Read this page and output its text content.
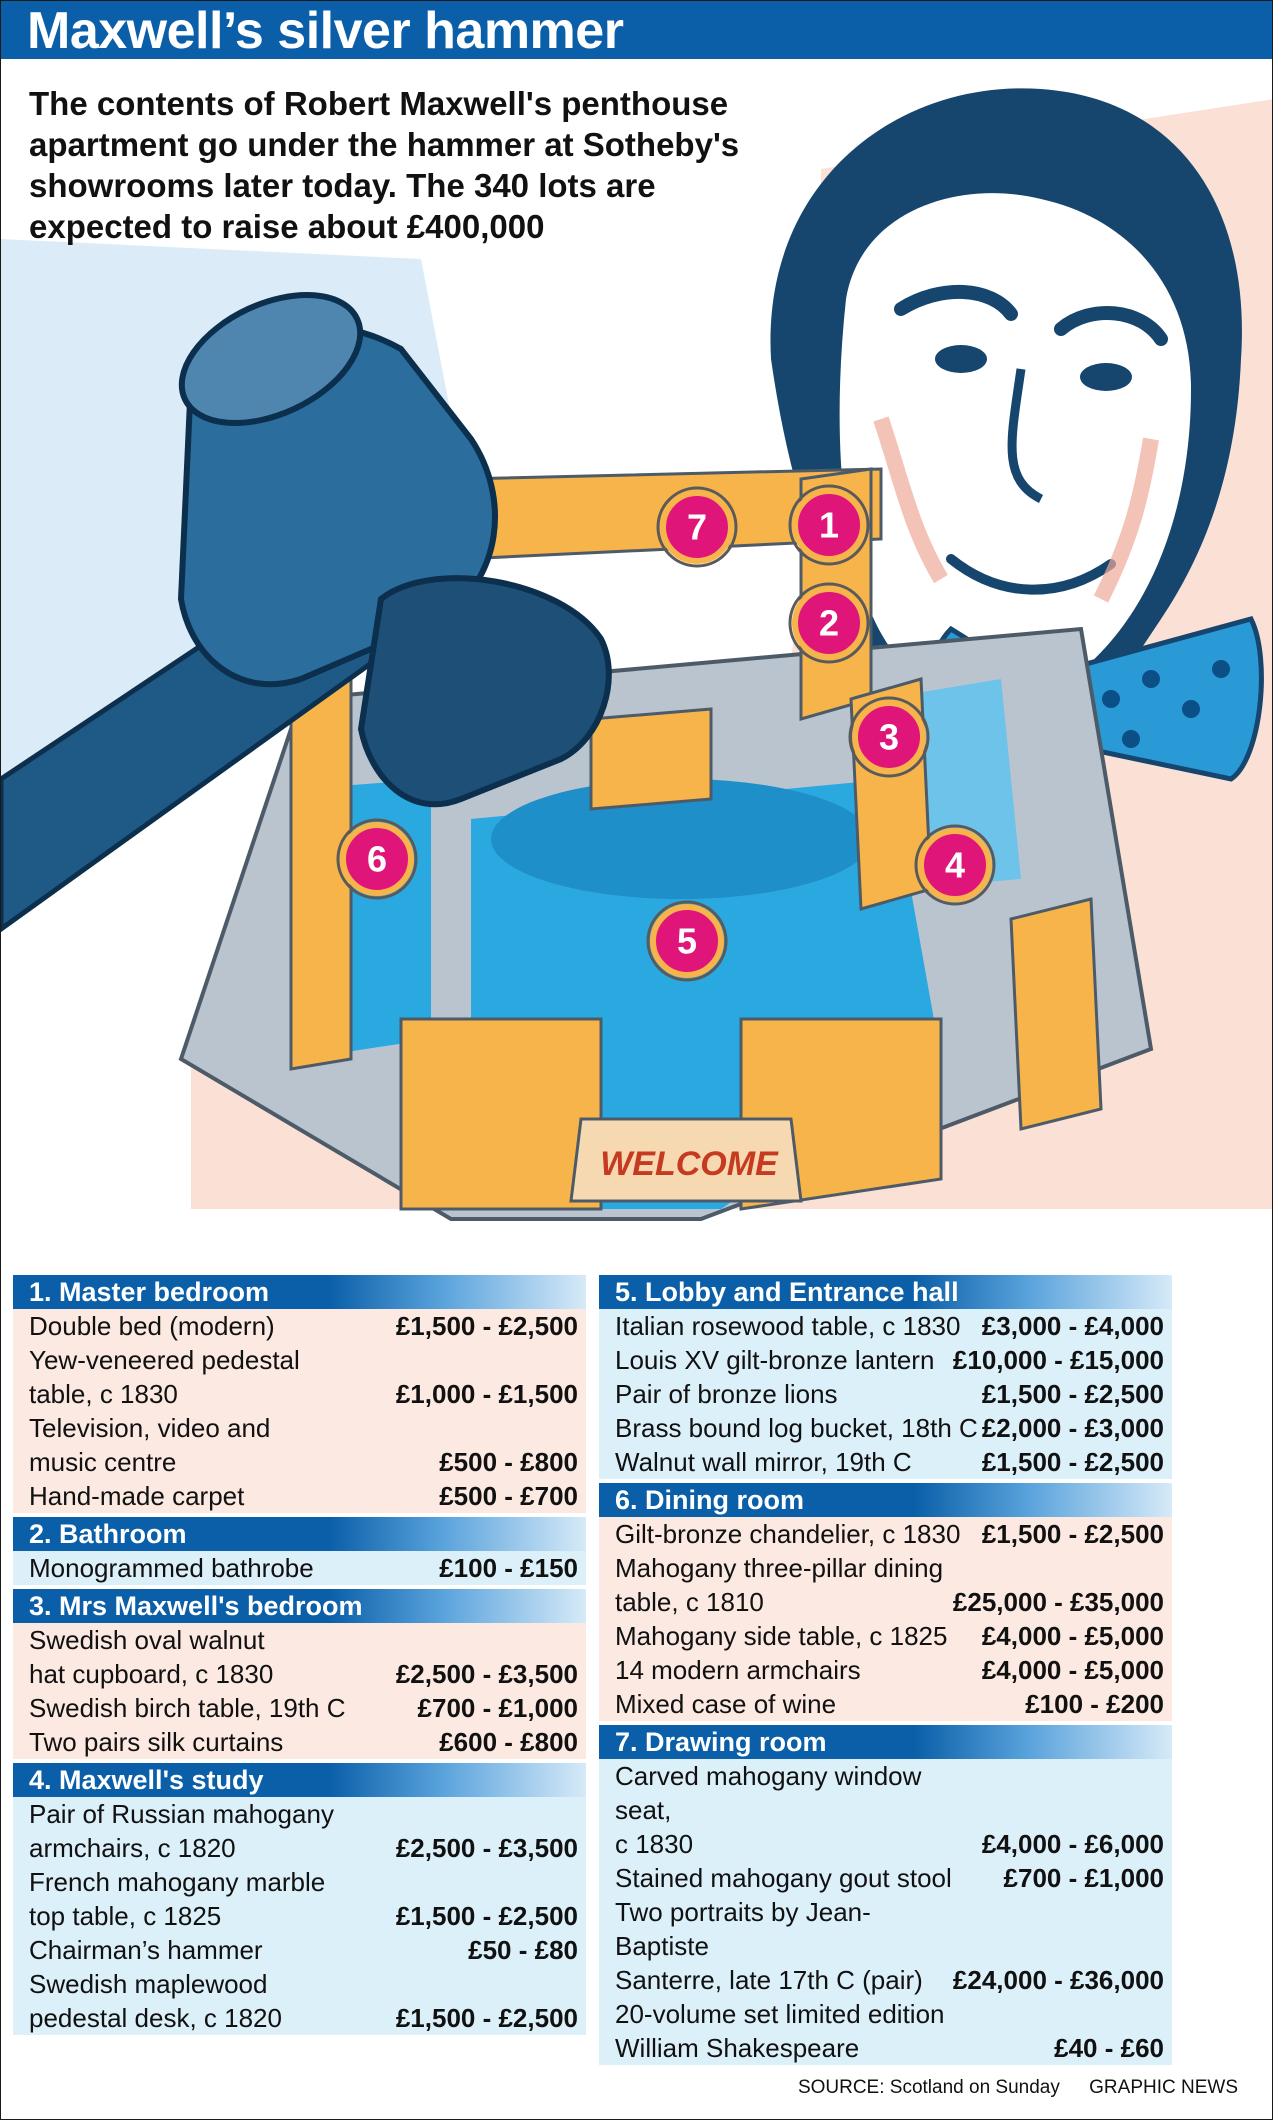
Maxwell’s silver hammer
WELCOME
1
2
3
4
5
6
7
The contents of Robert Maxwell's penthouse apartment go under the hammer at Sotheby's showrooms later today. The 340 lots are expected to raise about £400,000
1. Master bedroom
Double bed (modern)	£1,500 - £2,500
Yew-veneered pedestal
table, c 1830	£1,000 - £1,500
Television, video and
music centre	£500 - £800
Hand-made carpet	£500 - £700
2. Bathroom
Monogrammed bathrobe	£100 - £150
3. Mrs Maxwell's bedroom
Swedish oval walnut
hat cupboard, c 1830	£2,500 - £3,500
Swedish birch table, 19th C	£700 - £1,000
Two pairs silk curtains	£600 - £800
4. Maxwell's study
Pair of Russian mahogany
armchairs, c 1820	£2,500 - £3,500
French mahogany marble
top table, c 1825	£1,500 - £2,500
Chairman’s hammer	£50 - £80
Swedish maplewood
pedestal desk, c 1820	£1,500 - £2,500
5. Lobby and Entrance hall
Italian rosewood table, c 1830 £3,000 - £4,000
Louis XV gilt-bronze lantern £10,000 - £15,000
Pair of bronze lions	£1,500 - £2,500
Brass bound log bucket, 18th C £2,000 - £3,000
Walnut wall mirror, 19th C	£1,500 - £2,500
6. Dining room
Gilt-bronze chandelier, c 1830 £1,500 - £2,500
Mahogany three-pillar dining
table, c 1810	£25,000 - £35,000
Mahogany side table, c 1825	£4,000 - £5,000
14 modern armchairs	£4,000 - £5,000
Mixed case of wine	£100 - £200
7. Drawing room
Carved mahogany window seat,
c 1830	£4,000 - £6,000
Stained mahogany gout stool	£700 - £1,000
Two portraits by Jean-Baptiste
Santerre, late 17th C (pair)	£24,000 - £36,000
20-volume set limited edition
William Shakespeare	£40 - £60
SOURCE: Scotland on Sunday GRAPHIC NEWS
